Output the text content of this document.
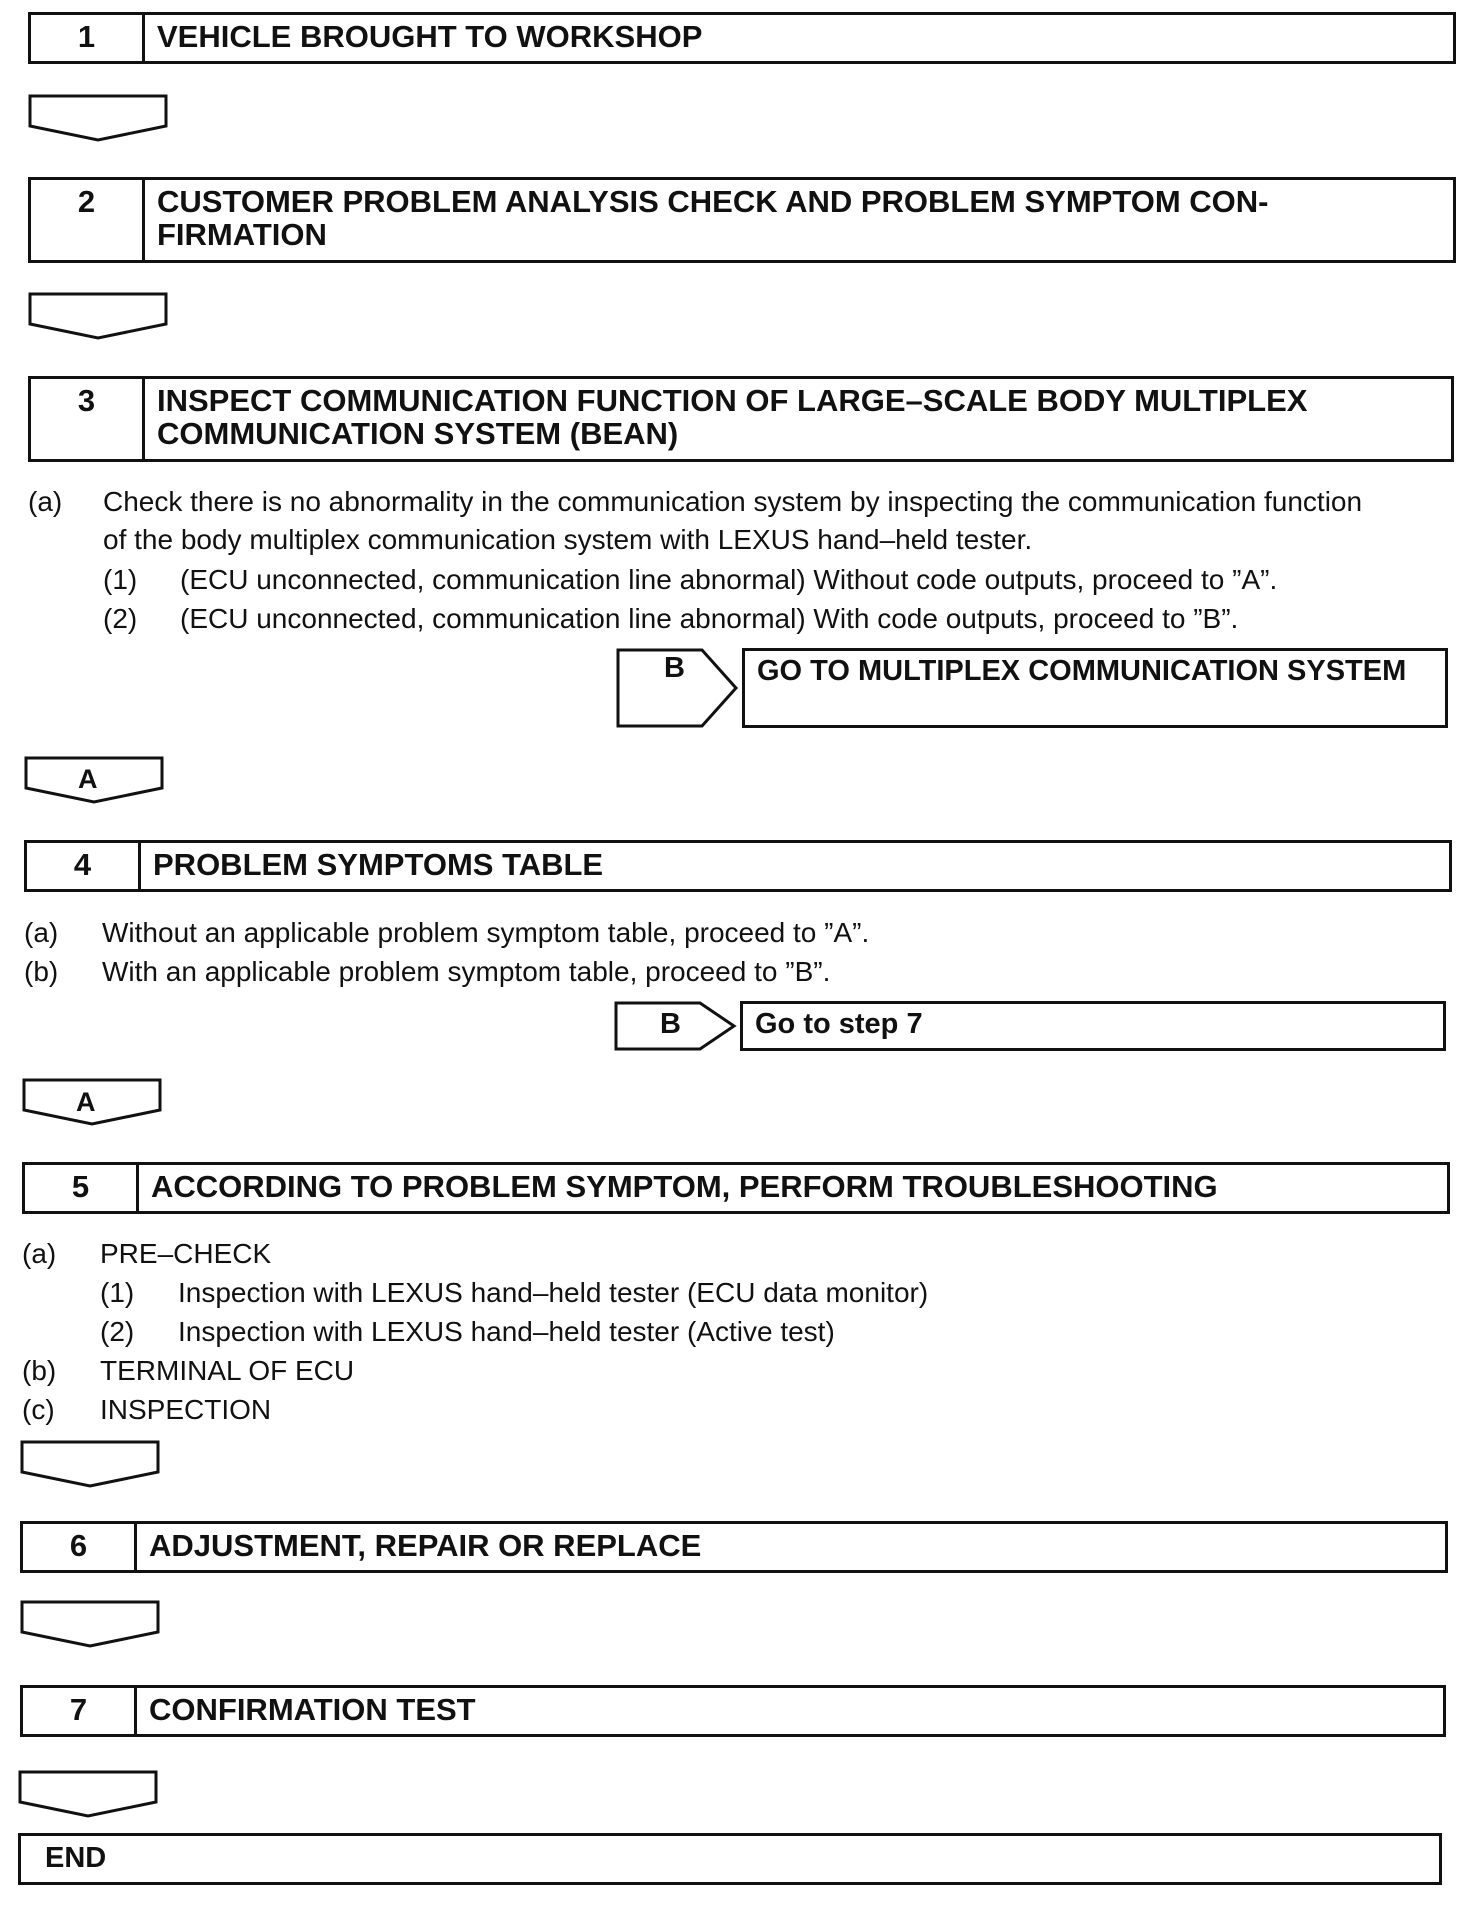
1	VEHICLE BROUGHT TO WORKSHOP
2	CUSTOMER PROBLEM ANALYSIS CHECK AND PROBLEM SYMPTOM CON- FIRMATION
3	INSPECT COMMUNICATION FUNCTION OF LARGE–SCALE BODY MULTIPLEX COMMUNICATION SYSTEM (BEAN)
(a) Check there is no abnormality in the communication system by inspecting the communication function
of the body multiplex communication system with LEXUS hand–held tester.
(1) (ECU unconnected, communication line abnormal) Without code outputs, proceed to ”A”.
(2) (ECU unconnected, communication line abnormal) With code outputs, proceed to ”B”.
B	GO TO MULTIPLEX COMMUNICATION SYSTEM
A
4	PROBLEM SYMPTOMS TABLE
(a) Without an applicable problem symptom table, proceed to ”A”.
(b) With an applicable problem symptom table, proceed to ”B”.
B	Go to step 7
A
5	ACCORDING TO PROBLEM SYMPTOM, PERFORM TROUBLESHOOTING
(a) PRE–CHECK
(1) Inspection with LEXUS hand–held tester (ECU data monitor)
(2) Inspection with LEXUS hand–held tester (Active test)
(b) TERMINAL OF ECU
(c) INSPECTION
6	ADJUSTMENT, REPAIR OR REPLACE
7	CONFIRMATION TEST
END
